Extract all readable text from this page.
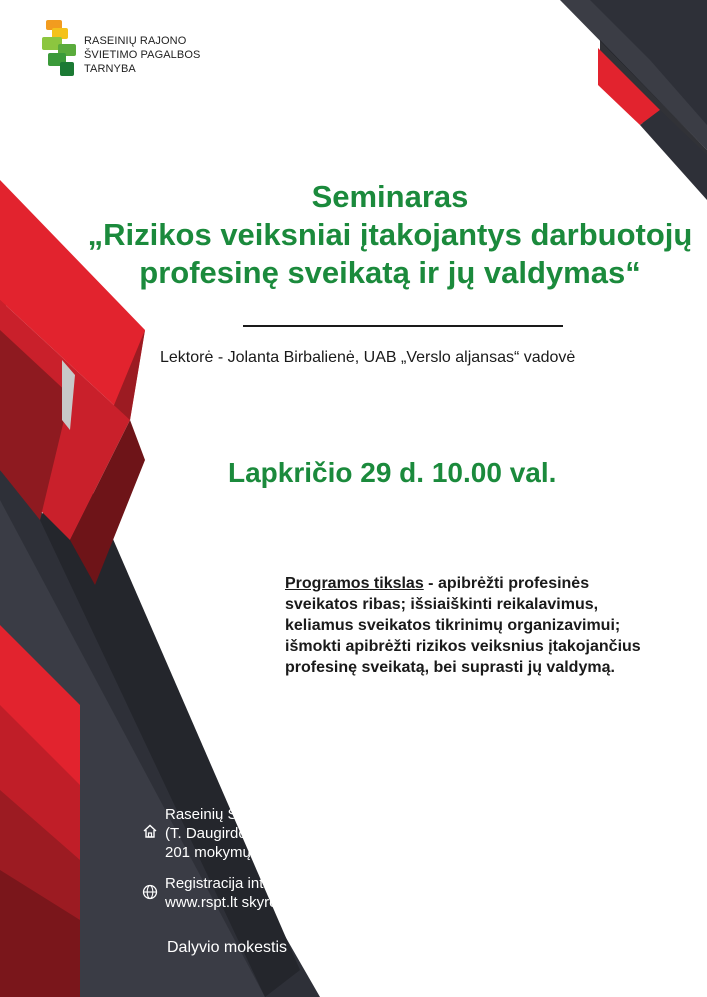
RASEINIŲ RAJONO
ŠVIETIMO PAGALBOS
TARNYBA
Seminaras
„Rizikos veiksniai įtakojantys darbuotojų
profesinę sveikatą ir jų valdymas“
Lektorė - Jolanta Birbalienė, UAB „Verslo aljansas“ vadovė
Lapkričio 29 d. 10.00 val.
Programos tikslas - apibrėžti profesinės sveikatos ribas; išsiaiškinti reikalavimus, keliamus sveikatos tikrinimų organizavimui; išmokti apibrėžti rizikos veiksnius įtakojančius profesinę sveikatą, bei suprasti jų valdymą.
Raseinių ŠPT
(T. Daugirdo g. 7, Raseiniai),
201 mokymų klasė
Registracija interneto svetainėje
www.rspt.lt skyrelyje Registracija
Dalyvio mokestis - 20 Eur
